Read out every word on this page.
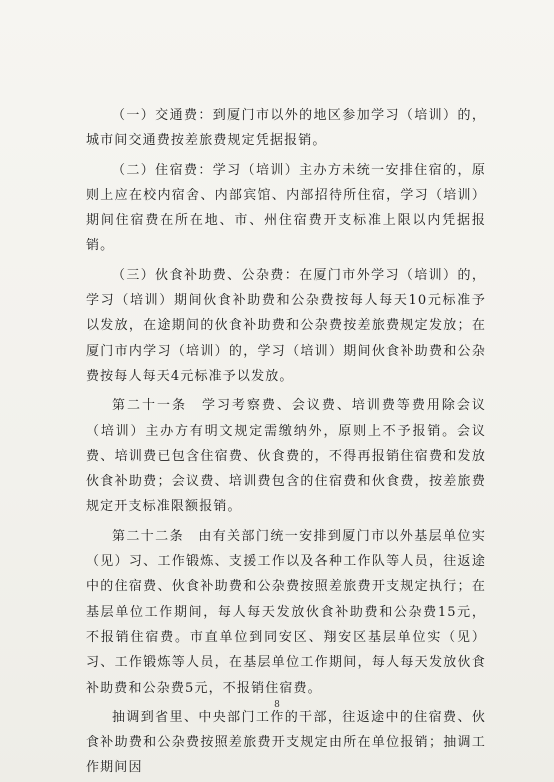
（一）交通费：到厦门市以外的地区参加学习（培训）的，城市间交通费按差旅费规定凭据报销。

（二）住宿费：学习（培训）主办方未统一安排住宿的，原则上应在校内宿舍、内部宾馆、内部招待所住宿，学习（培训）期间住宿费在所在地、市、州住宿费开支标准上限以内凭据报销。

（三）伙食补助费、公杂费：在厦门市外学习（培训）的，学习（培训）期间伙食补助费和公杂费按每人每天10元标准予以发放，在途期间的伙食补助费和公杂费按差旅费规定发放；在厦门市内学习（培训）的，学习（培训）期间伙食补助费和公杂费按每人每天4元标准予以发放。

第二十一条　学习考察费、会议费、培训费等费用除会议（培训）主办方有明文规定需缴纳外，原则上不予报销。会议费、培训费已包含住宿费、伙食费的，不得再报销住宿费和发放伙食补助费；会议费、培训费包含的住宿费和伙食费，按差旅费规定开支标准限额报销。

第二十二条　由有关部门统一安排到厦门市以外基层单位实（见）习、工作锻炼、支援工作以及各种工作队等人员，往返途中的住宿费、伙食补助费和公杂费按照差旅费开支规定执行；在基层单位工作期间，每人每天发放伙食补助费和公杂费15元，不报销住宿费。市直单位到同安区、翔安区基层单位实（见）习、工作锻炼等人员，在基层单位工作期间，每人每天发放伙食补助费和公杂费5元，不报销住宿费。

抽调到省里、中央部门工作的干部，往返途中的住宿费、伙食补助费和公杂费按照差旅费开支规定由所在单位报销；抽调工作期间因

8
